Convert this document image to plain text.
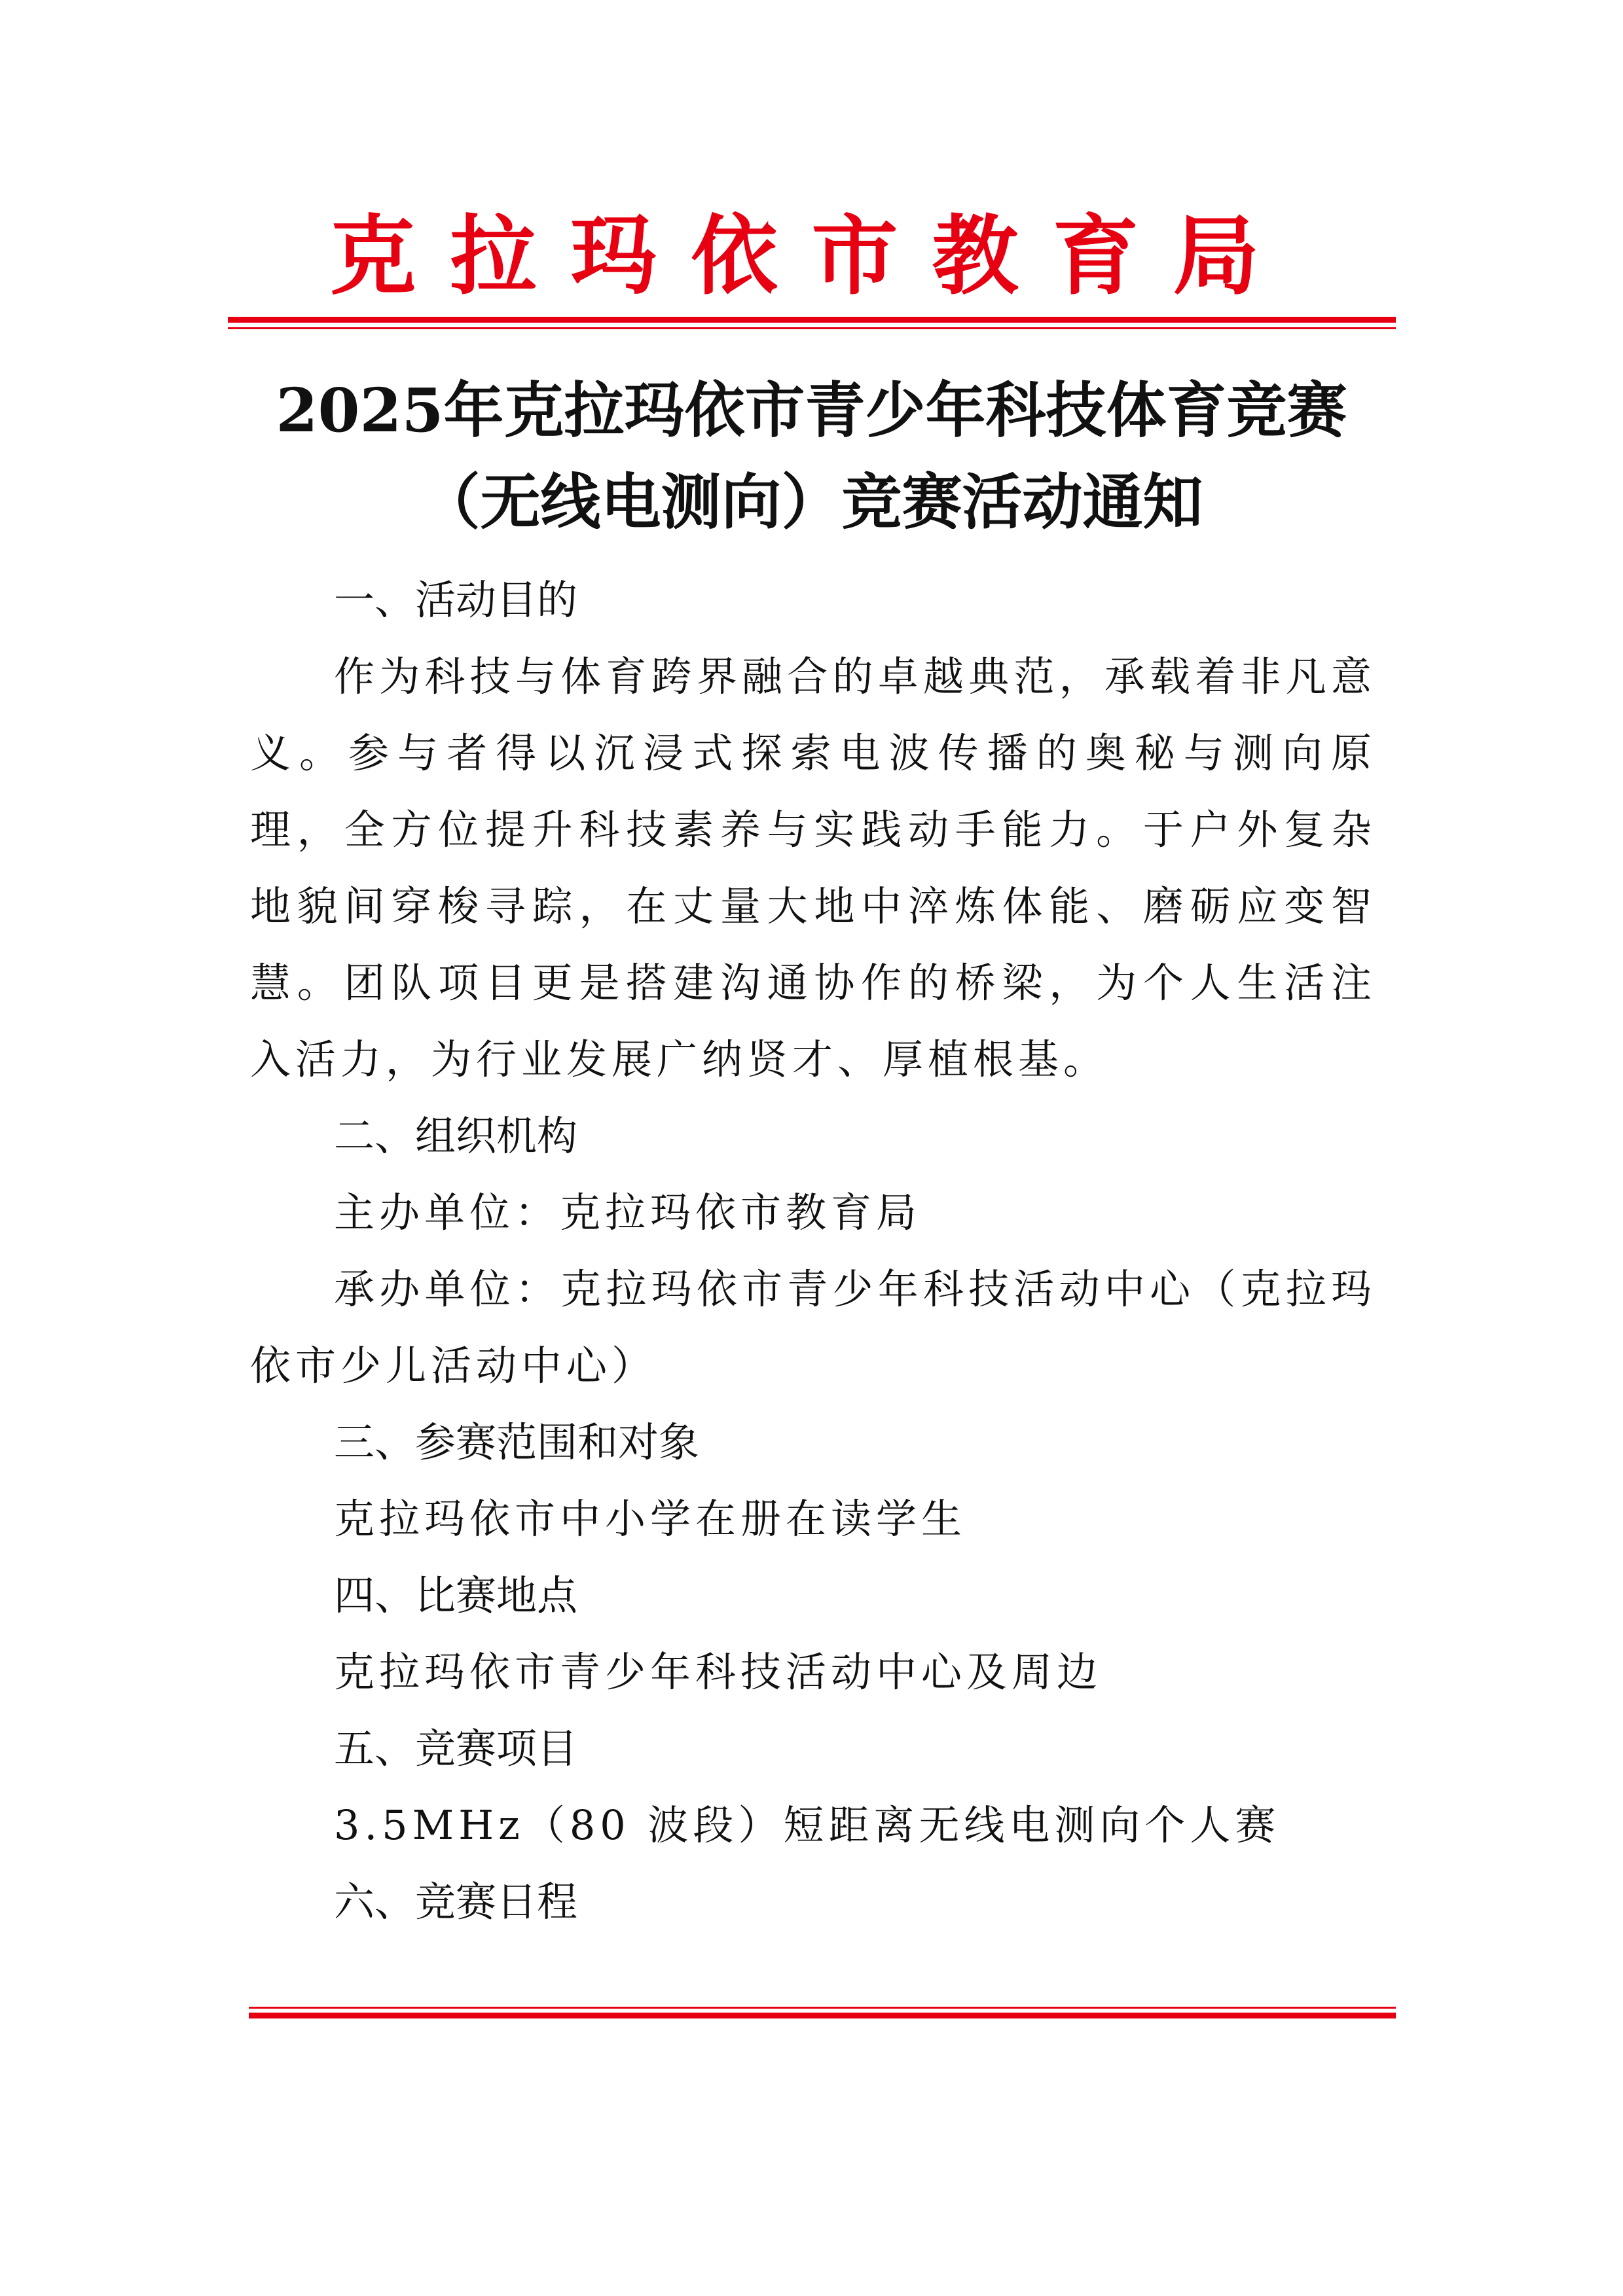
克拉玛依市教育局
2025年克拉玛依市青少年科技体育竞赛
（无线电测向）竞赛活动通知
一、活动目的
作为科技与体育跨界融合的卓越典范，承载着非凡意义。参与者得以沉浸式探索电波传播的奥秘与测向原理，全方位提升科技素养与实践动手能力。于户外复杂地貌间穿梭寻踪，在丈量大地中淬炼体能、磨砺应变智慧。团队项目更是搭建沟通协作的桥梁，为个人生活注入活力，为行业发展广纳贤才、厚植根基。
二、组织机构
主办单位：克拉玛依市教育局
承办单位：克拉玛依市青少年科技活动中心（克拉玛依市少儿活动中心）
三、参赛范围和对象
克拉玛依市中小学在册在读学生
四、比赛地点
克拉玛依市青少年科技活动中心及周边
五、竞赛项目
3.5MHz（80 波段）短距离无线电测向个人赛
六、竞赛日程
